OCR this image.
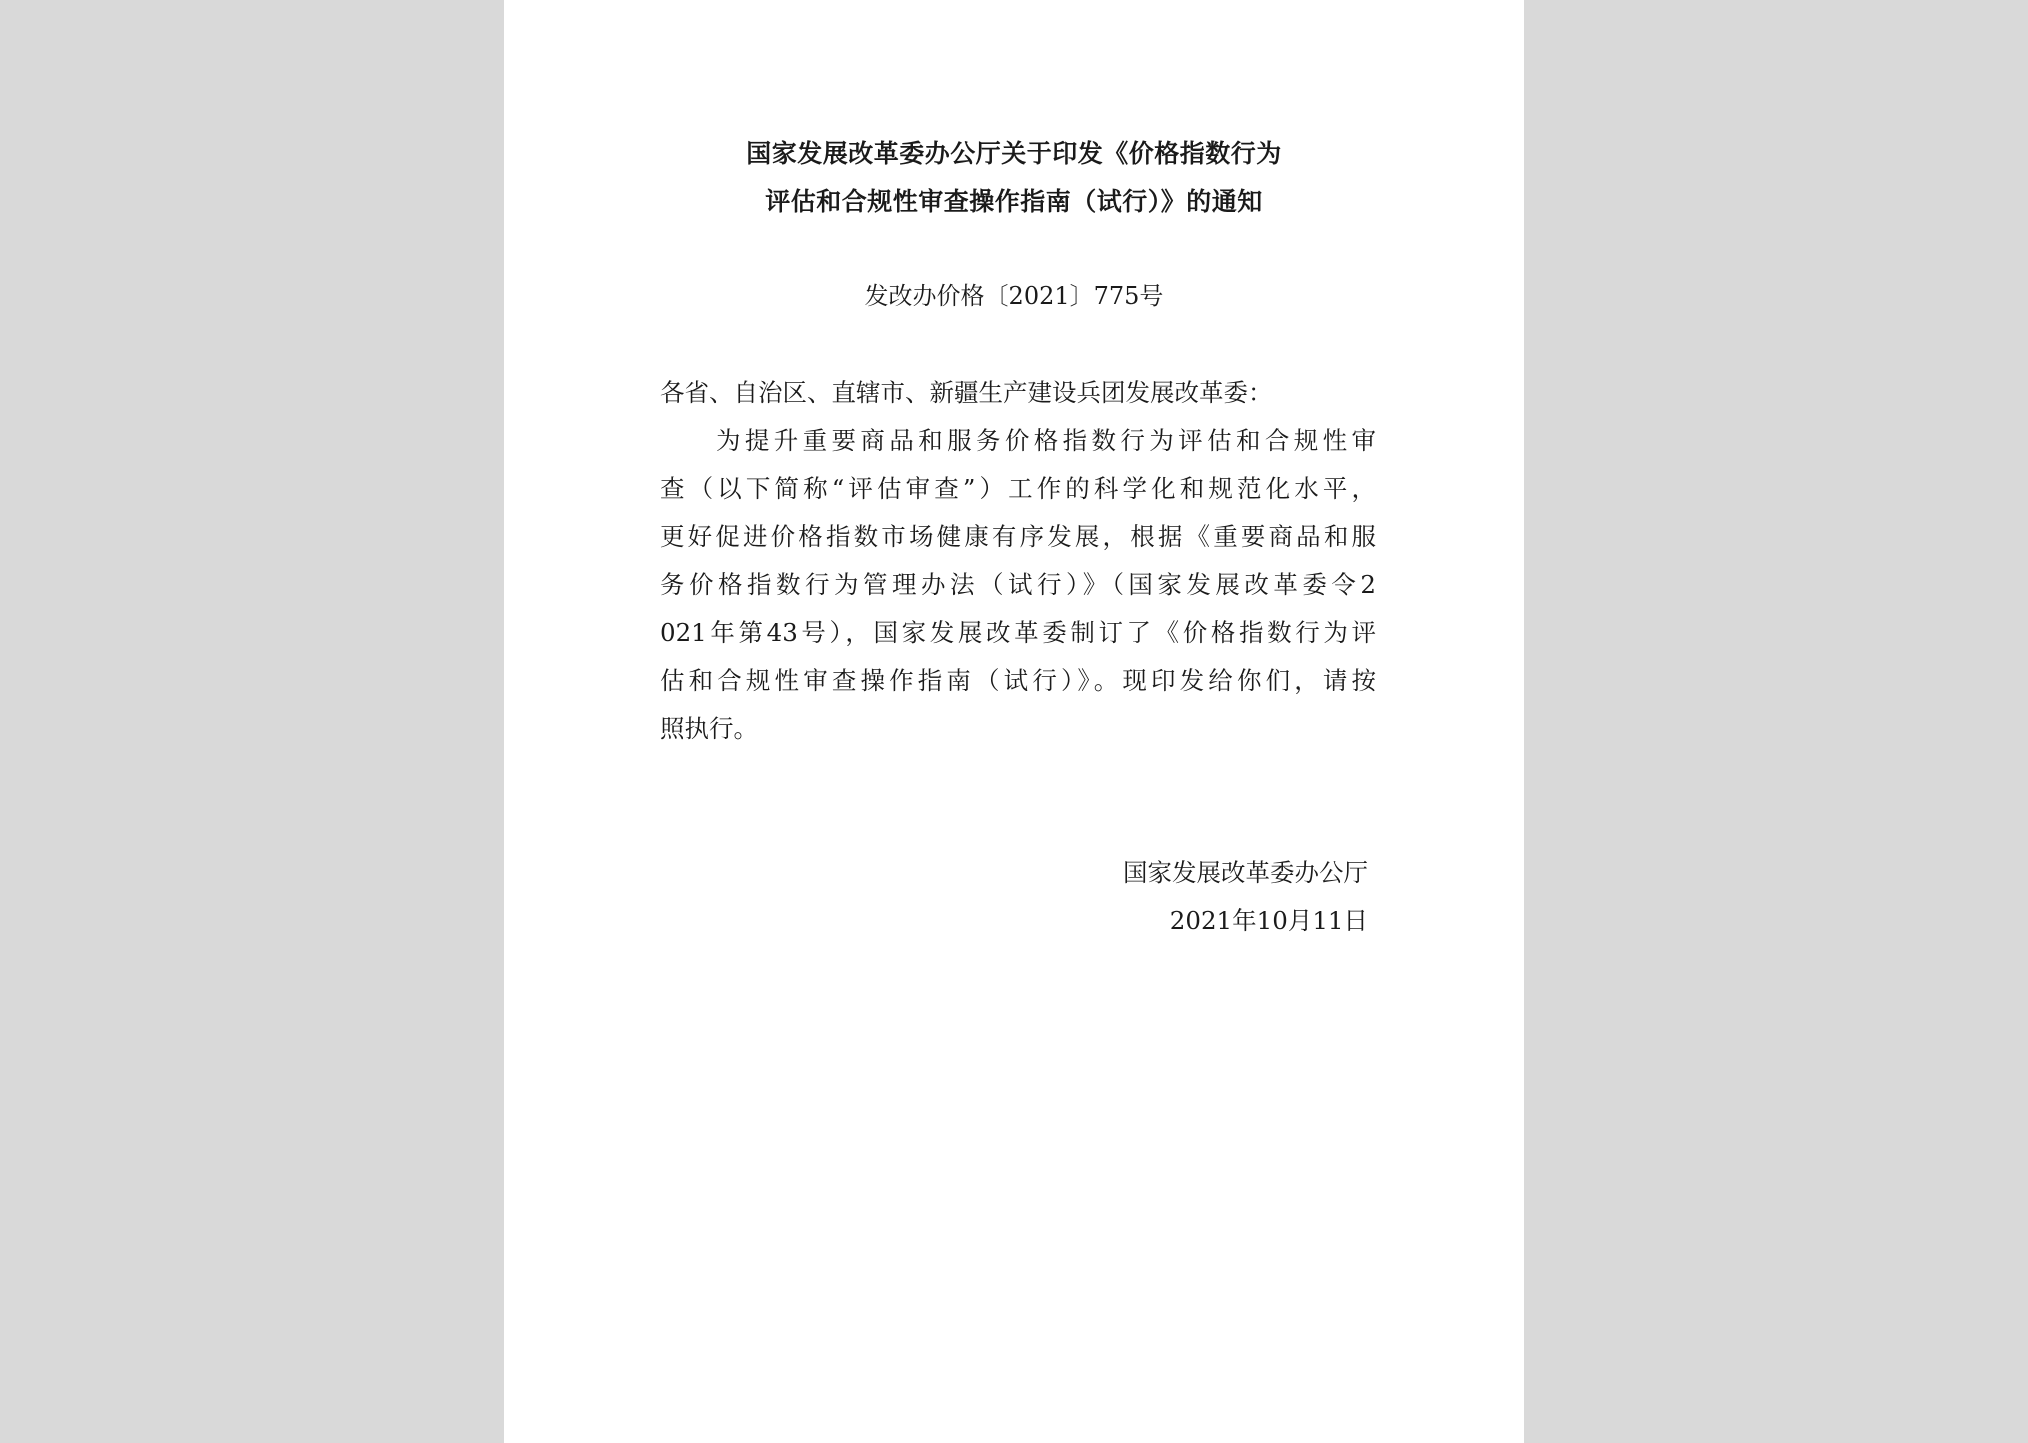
国家发展改革委办公厅关于印发《价格指数行为
评估和合规性审查操作指南（试行）》的通知
发改办价格〔2021〕775号
各省、自治区、直辖市、新疆生产建设兵团发展改革委：
为提升重要商品和服务价格指数行为评估和合规性审
查（以下简称“评估审查”）工作的科学化和规范化水平，
更好促进价格指数市场健康有序发展，根据《重要商品和服
务价格指数行为管理办法（试行）》（国家发展改革委令2
021年第43号），国家发展改革委制订了《价格指数行为评
估和合规性审查操作指南（试行）》。现印发给你们，请按
照执行。
国家发展改革委办公厅
2021年10月11日
